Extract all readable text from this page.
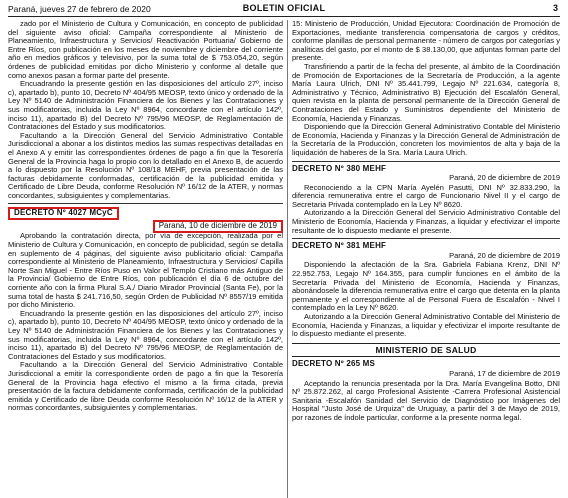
Paraná, jueves 27 de febrero de 2020	BOLETIN OFICIAL	3

zado por el Ministerio de Cultura y Comunicación, en concepto de publicidad del siguiente aviso oficial: Campaña correspondiente al Ministerio de Planeamiento, Infraestructura y Servicios/ Reactivación Portuaria/ Gobierno de Entre Ríos, con publicación en los meses de noviembre y diciembre del corriente año en medios gráficos y televisivo, por la suma total de $ 753.054,20, según órdenes de publicidad emitidas por dicho Ministerio y conforme al detalle que como anexos pasan a formar parte del presente.

Encuadrando la presente gestión en las disposiciones del artículo 27º, inciso c), apartado b), punto 10, Decreto Nº 404/95 MEOSP, texto único y ordenado de la Ley Nº 5140 de Administración Financiera de los Bienes y las Contrataciones y sus modificatorias, incluida la Ley Nº 8964, concordante con el artículo 142º, inciso 11), apartado B) del Decreto Nº 795/96 MEOSP, de Reglamentación de Contrataciones del Estado y sus modificatorios.

Facultando a la Dirección General del Servicio Administrativo Contable Jurisdiccional a abonar a los distintos medios las sumas respectivas detalladas en el Anexo A y emitir las correspondientes órdenes de pago a fin que la Tesorería General de la Provincia haga lo propio con lo detallado en el Anexo B, de acuerdo a lo dispuesto por la Resolución Nº 108/18 MEHF, previa presentación de las facturas debidamente conformadas, certificación de la publicidad emitida y Certificado de Libre Deuda, conforme Resolución Nº 16/12 de la ATER, y normas concordantes, subsiguientes y complementarias.

DECRETO Nº 4027 MCyC
Paraná, 10 de diciembre de 2019

Aprobando la contratación directa, por vía de excepción, realizada por el Ministerio de Cultura y Comunicación, en concepto de publicidad, según se detalla en suplemento de 4 páginas, del siguiente aviso publicitario oficial: Campaña correspondiente al Ministerio de Planeamiento, Infraestructura y Servicios/ Capilla Norte San Miguel - Entre Ríos Puso en Valor el Templo Cristiano más Antiguo de la Provincia/ Gobierno de Entre Ríos, con publicación el día 6 de octubre del corriente año con la firma Plural S.A./ Diario Mirador Provincial (Santa Fe), por la suma total de hasta $ 241.716,50, según Orden de Publicidad Nº 8557/19 emitida por dicho Ministerio.

Encuadrando la presente gestión en las disposiciones del artículo 27º, inciso c), apartado b), punto 10, Decreto Nº 404/95 MEOSP, texto único y ordenado de la Ley Nº 5140 de Administración Financiera de los Bienes y las Contrataciones y sus modificatorias, incluida la Ley Nº 8964, concordante con el artículo 142º, inciso 11), apartado B) del Decreto Nº 795/96 MEOSP, de Reglamentación de Contrataciones del Estado y sus modificatorios.

Facultando a la Dirección General del Servicio Administrativo Contable Jurisdiccional a emitir la correspondiente orden de pago a fin que la Tesorería General de la Provincia haga efectivo el mismo a la firma citada, previa presentación de la factura debidamente conformada, certificación de la publicidad emitida y Certificado de libre Deuda conforme Resolución Nº 16/12 de la ATER y normas concordantes, subsiguientes y complementarias.

15: Ministerio de Producción, Unidad Ejecutora: Coordinación de Promoción de Exportaciones, mediante transferencia compensatoria de cargos y créditos, conforme planillas de personal permanente - número de cargos por categorías y analíticas del gasto, por el monto de $ 38.130,00, que adjuntas forman parte del presente.

Transfiriendo a partir de la fecha del presente, al ámbito de la Coordinación de Promoción de Exportaciones de la Secretaría de Producción, a la agente María Laura Ulrich, DNI Nº 35.441.799, Legajo Nº 221.634, categoría 8, Administrativo y Técnico, Administrativo B) Ejecución del Escalafón General, quien revista en la planta de personal permanente de la Dirección General de Contrataciones del Estado y Suministros dependiente del Ministerio de Economía, Hacienda y Finanzas.

Disponiendo que la Dirección General Administrativo Contable del Ministerio de Economía, Hacienda y Finanzas y la Dirección General de Administración de la Secretaría de la Producción, concreten los movimientos de alta y baja de la liquidación de haberes de la Sra. María Laura Ulrich.

DECRETO Nº 380 MEHF

Paraná, 20 de diciembre de 2019

Reconociendo a la CPN María Ayelén Pasutti, DNI Nº 32.833.290, la diferencia remunerativa entre el cargo de Funcionario Nivel II y el cargo de Secretaria Privada contemplado en la Ley Nº 8620.

Autorizando a la Dirección General del Servicio Administrativo Contable del Ministerio de Economía, Hacienda y Finanzas, a liquidar y efectivizar el importe resultante de lo dispuesto mediante el presente.

DECRETO Nº 381 MEHF

Paraná, 20 de diciembre de 2019

Disponiendo la afectación de la Sra. Gabriela Fabiana Krenz, DNI Nº 22.952.753, Legajo Nº 164.355, para cumplir funciones en el ámbito de la Secretaría Privada del Ministerio de Economía, Hacienda y Finanzas, abonándosele la diferencia remunerativa entre el cargo que detenta en la planta permanente y el correspondiente al de Personal Fuera de Escalafón - Nivel I contemplado en la Ley Nº 8620.

Autorizando a la Dirección General Administrativo Contable del Ministerio de Economía, Hacienda y Finanzas, a liquidar y efectivizar el importe resultante de lo dispuesto mediante el presente.

MINISTERIO DE SALUD
DECRETO Nº 265 MS

Paraná, 17 de diciembre de 2019

Aceptando la renuncia presentada por la Dra. María Evangelina Botto, DNI Nº 25.872.262, al cargo Profesional Asistente -Carrera Profesional Asistencial Sanitaria -Escalafón Sanidad del Servicio de Diagnóstico por Imágenes del Hospital "Justo José de Urquiza" de Uruguay, a partir del 3 de Mayo de 2019, por razones de índole particular, conforme a la presente norma legal.
